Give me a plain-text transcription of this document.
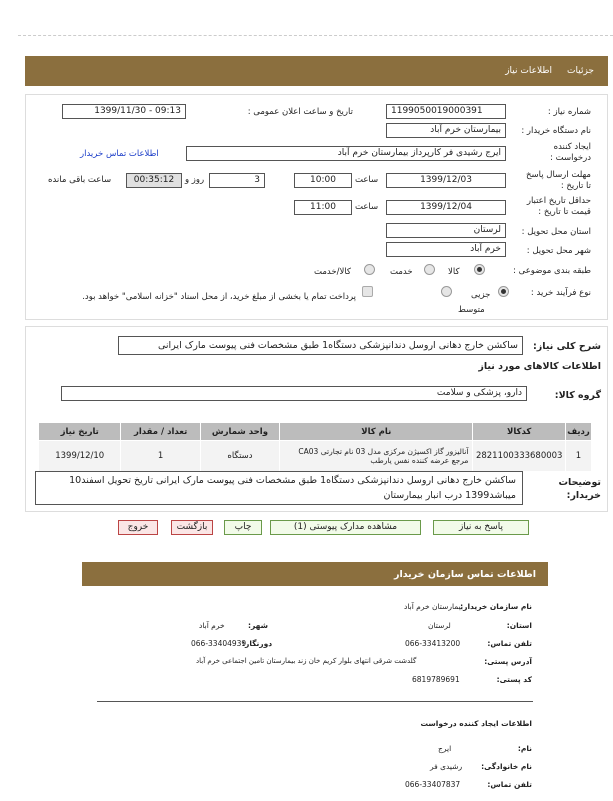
جزئیات
اطلاعات نیاز
شماره نیاز :
1199050019000391
تاریخ و ساعت اعلان عمومی :
1399/11/30 - 09:13
نام دستگاه خریدار :
بیمارستان خرم آباد
ایجاد کننده درخواست :
ایرج رشیدی فر کارپرداز بیمارستان خرم آباد
اطلاعات تماس خریدار
مهلت ارسال پاسخ تا تاریخ :
1399/12/03
ساعت
10:00
3
روز و
00:35:12
ساعت باقی مانده
حداقل تاریخ اعتبار قیمت تا تاریخ :
1399/12/04
ساعت
11:00
استان محل تحویل :
لرستان
شهر محل تحویل :
خرم آباد
طبقه بندی موضوعی :
کالا
خدمت
کالا/خدمت
نوع فرآیند خرید :
جزیی
متوسط
پرداخت تمام یا بخشی از مبلغ خرید، از محل اسناد "خزانه اسلامی" خواهد بود.
شرح کلی نیاز:
ساکشن خارج دهانی اروسل دندانپزشکی دستگاه1 طبق مشخصات فنی پیوست مارک ایرانی
اطلاعات کالاهای مورد نیاز
گروه کالا:
دارو، پزشکی و سلامت
ردیف	کدکالا	نام کالا	واحد شمارش	تعداد / مقدار	تاریخ نیاز
1	2821100333680003	آنالیزور گاز اکسیژن مرکزی مدل 03 نام تجارتی CA03 مرجع عرضه کننده نفس یارطب	دستگاه	1	1399/12/10
توضیحات خریدار:
ساکشن خارج دهانی اروسل دندانپزشکی دستگاه1 طبق مشخصات فنی پیوست مارک ایرانی تاریخ تحویل اسفند10 میباشد1399 درب انبار بیمارستان
پاسخ به نیاز
مشاهده مدارک پیوستی (1)
چاپ
بازگشت
خروج
اطلاعات تماس سازمان خریدار
نام سازمان خریدار:
بیمارستان خرم آباد
استان:
لرستان
شهر:
خرم آباد
تلفن تماس:
066-33413200
دورنگار:
066-33404939
آدرس پستی:
گلدشت شرقی انتهای بلوار کریم خان زند بیمارستان تامین اجتماعی خرم آباد
کد پستی:
6819789691
اطلاعات ایجاد کننده درخواست
نام:
ایرج
نام خانوادگی:
رشیدی فر
تلفن تماس:
066-33407837
